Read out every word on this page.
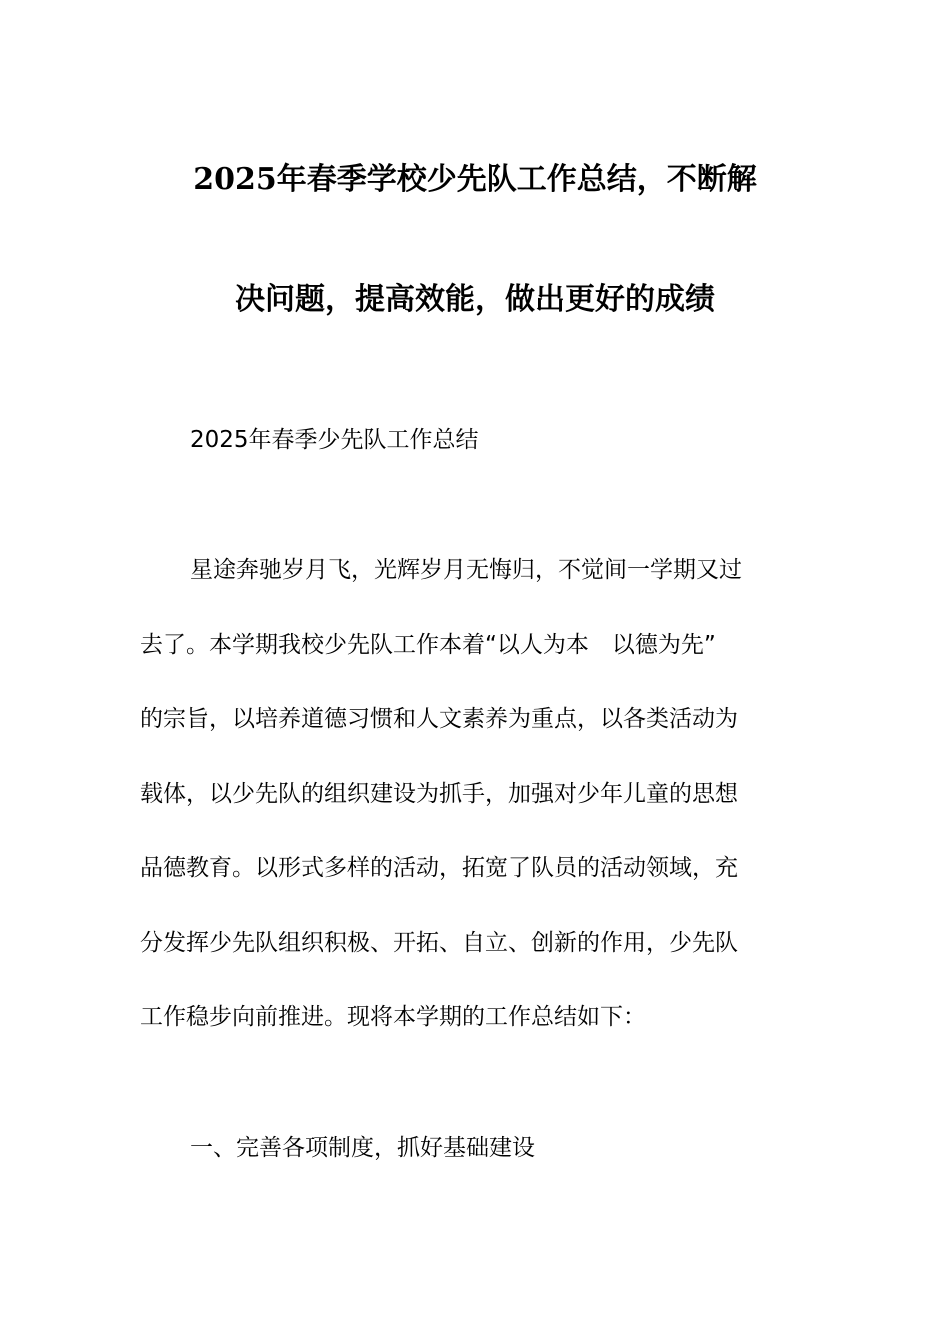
2025年春季学校少先队工作总结，不断解
决问题，提高效能，做出更好的成绩
2025年春季少先队工作总结
星途奔驰岁月飞，光辉岁月无悔归，不觉间一学期又过
去了。本学期我校少先队工作本着“以人为本　以德为先”
的宗旨，以培养道德习惯和人文素养为重点，以各类活动为
载体，以少先队的组织建设为抓手，加强对少年儿童的思想
品德教育。以形式多样的活动，拓宽了队员的活动领域，充
分发挥少先队组织积极、开拓、自立、创新的作用，少先队
工作稳步向前推进。现将本学期的工作总结如下：
一、完善各项制度，抓好基础建设
